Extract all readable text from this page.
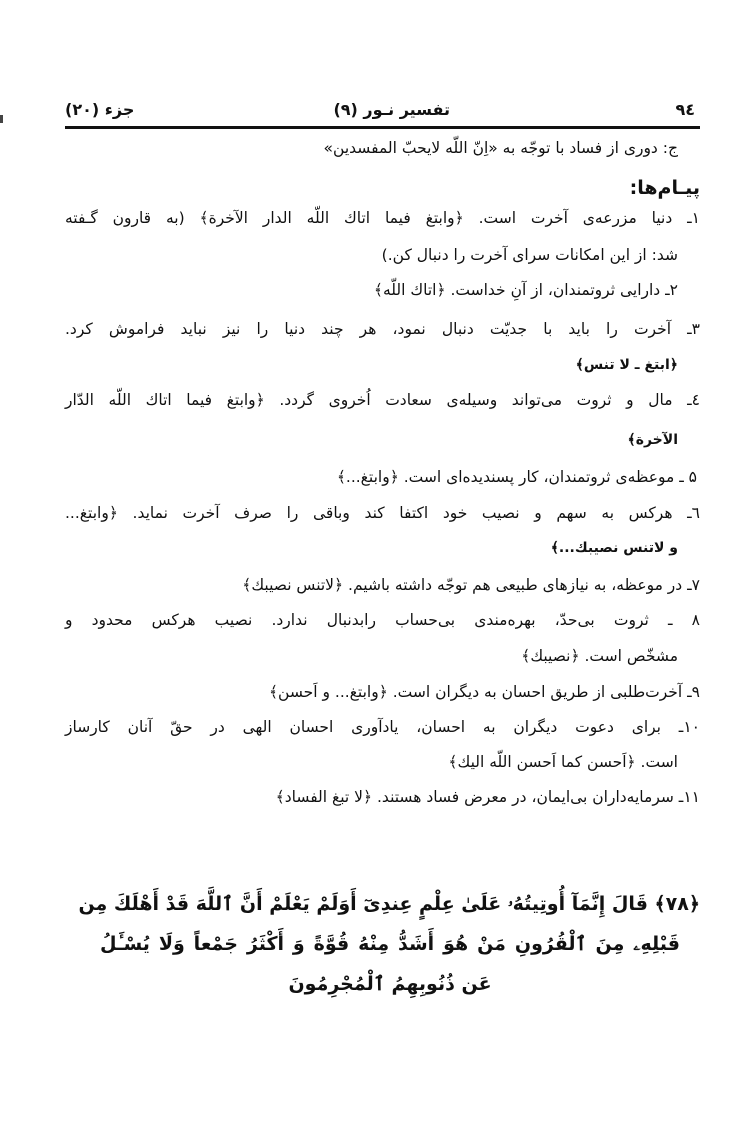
۹٤
تفسیر نـور (۹)
جزء (۲۰)
ج: دوری از فساد با توجّه به «اِنّ اللّه لایحبّ المفسدین»
پیـام‌ها:
۱ـ دنیا مزرعه‌ی آخرت است. ﴿وابتغ فیما اتاك اللّه الدار الآخرة﴾ (به قارون گـفته
شد: از این امکانات سرای آخرت را دنبال کن.)
۲ـ دارایی ثروتمندان، از آنِ خداست. ﴿اتاك اللّه﴾
۳ـ آخرت را باید با جدیّت دنبال نمود، هر چند دنیا را نیز نباید فراموش کرد.
﴿ابتغ ـ لا تنس﴾
٤ـ مال و ثروت می‌تواند وسیله‌ی سعادت اُخروی گردد. ﴿وابتغ فیما اتاك اللّه الدّار
الآخرة﴾
۵ ـ موعظه‌ی ثروتمندان، کار پسندیده‌ای است. ﴿وابتغ...﴾
٦ـ هرکس به سهم و نصیب خود اکتفا کند وباقی را صرف آخرت نماید. ﴿وابتغ...
و لاتنس نصیبك...﴾
۷ـ در موعظه، به نیازهای طبیعی هم توجّه داشته باشیم. ﴿لاتنس نصیبك﴾
۸ ـ ثروت بی‌حدّ، بهره‌مندی بی‌حساب رابدنبال ندارد. نصیب هرکس محدود و
مشخّص است. ﴿نصیبك﴾
۹ـ آخرت‌طلبی از طریق احسان به دیگران است. ﴿وابتغ... و اَحسن﴾
۱۰ـ برای دعوت دیگران به احسان، یادآوری احسان الهی در حقّ آنان کارساز
است. ﴿اَحسن کما اَحسن اللّه الیك﴾
۱۱ـ سرمایه‌داران بی‌ایمان، در معرض فساد هستند. ﴿لا تبغ الفساد﴾
﴿۷۸﴾ قَالَ إِنَّمَآ أُوتِيتُهُۥ عَلَىٰ عِلْمٍ عِندِىٓ أَوَلَمْ يَعْلَمْ أَنَّ ٱللَّهَ قَدْ أَهْلَكَ مِن
قَبْلِهِۦ مِنَ ٱلْقُرُونِ مَنْ هُوَ أَشَدُّ مِنْهُ قُوَّةً وَ أَكْثَرُ جَمْعاً وَلَا يُسْـَٔلُ
عَن ذُنُوبِهِمُ ٱلْمُجْرِمُونَ
